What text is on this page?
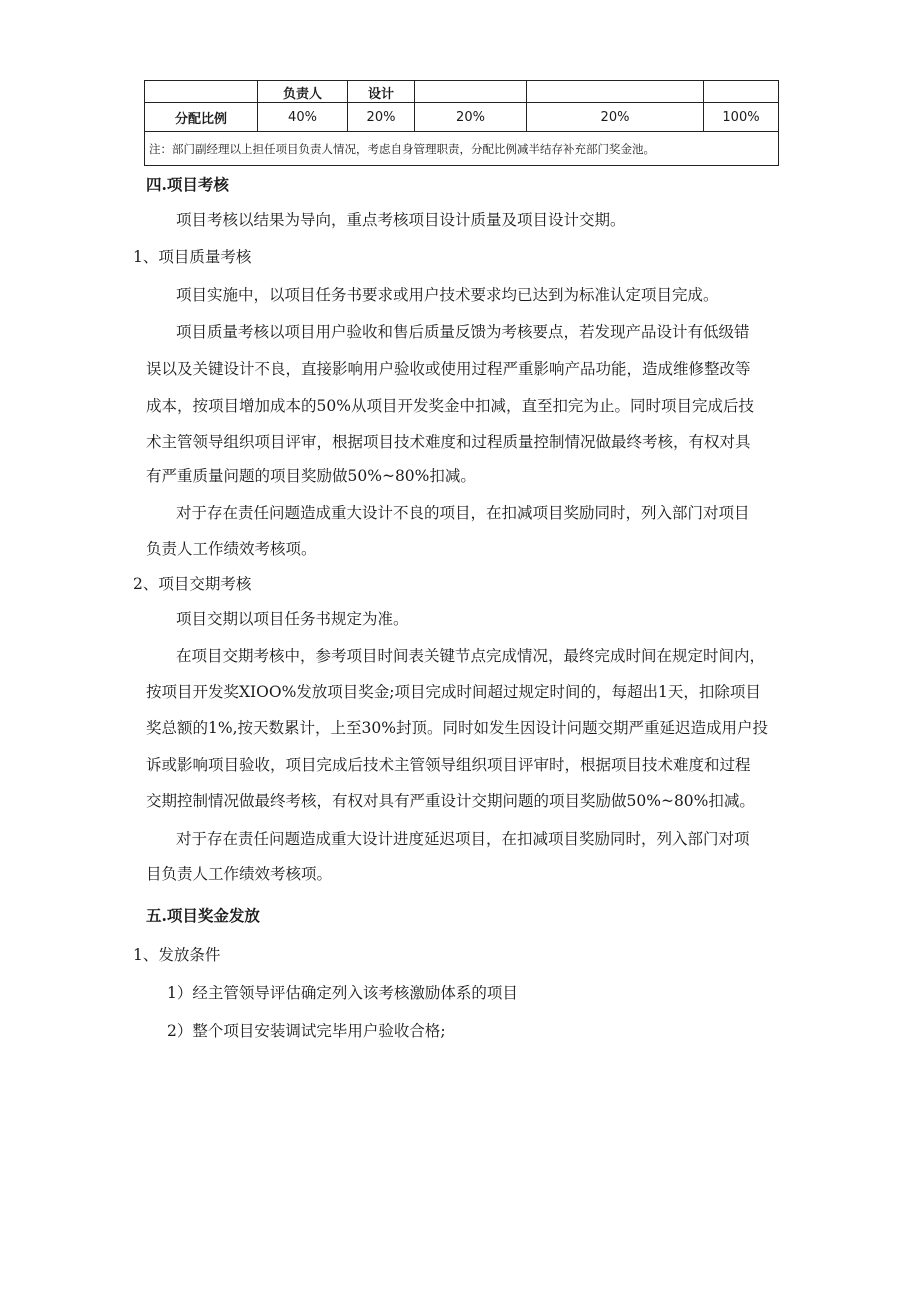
	负责人	设计			
分配比例	40%	20%	20%	20%	100%
注：部门副经理以上担任项目负责人情况，考虑自身管理职责，分配比例减半结存补充部门奖金池。					
四.项目考核
项目考核以结果为导向，重点考核项目设计质量及项目设计交期。
1、项目质量考核
项目实施中，以项目任务书要求或用户技术要求均已达到为标准认定项目完成。
项目质量考核以项目用户验收和售后质量反馈为考核要点，若发现产品设计有低级错
误以及关键设计不良，直接影响用户验收或使用过程严重影响产品功能，造成维修整改等
成本，按项目增加成本的50%从项目开发奖金中扣减，直至扣完为止。同时项目完成后技
术主管领导组织项目评审，根据项目技术难度和过程质量控制情况做最终考核，有权对具
有严重质量问题的项目奖励做50%~80%扣减。
对于存在责任问题造成重大设计不良的项目，在扣减项目奖励同时，列入部门对项目
负责人工作绩效考核项。
2、项目交期考核
项目交期以项目任务书规定为准。
在项目交期考核中，参考项目时间表关键节点完成情况，最终完成时间在规定时间内，
按项目开发奖XIOO%发放项目奖金;项目完成时间超过规定时间的，每超出1天，扣除项目
奖总额的1%,按天数累计，上至30%封顶。同时如发生因设计问题交期严重延迟造成用户投
诉或影响项目验收，项目完成后技术主管领导组织项目评审时，根据项目技术难度和过程
交期控制情况做最终考核，有权对具有严重设计交期问题的项目奖励做50%~80%扣减。
对于存在责任问题造成重大设计进度延迟项目，在扣减项目奖励同时，列入部门对项
目负责人工作绩效考核项。
五.项目奖金发放
1、发放条件
1）经主管领导评估确定列入该考核激励体系的项目
2）整个项目安装调试完毕用户验收合格;
